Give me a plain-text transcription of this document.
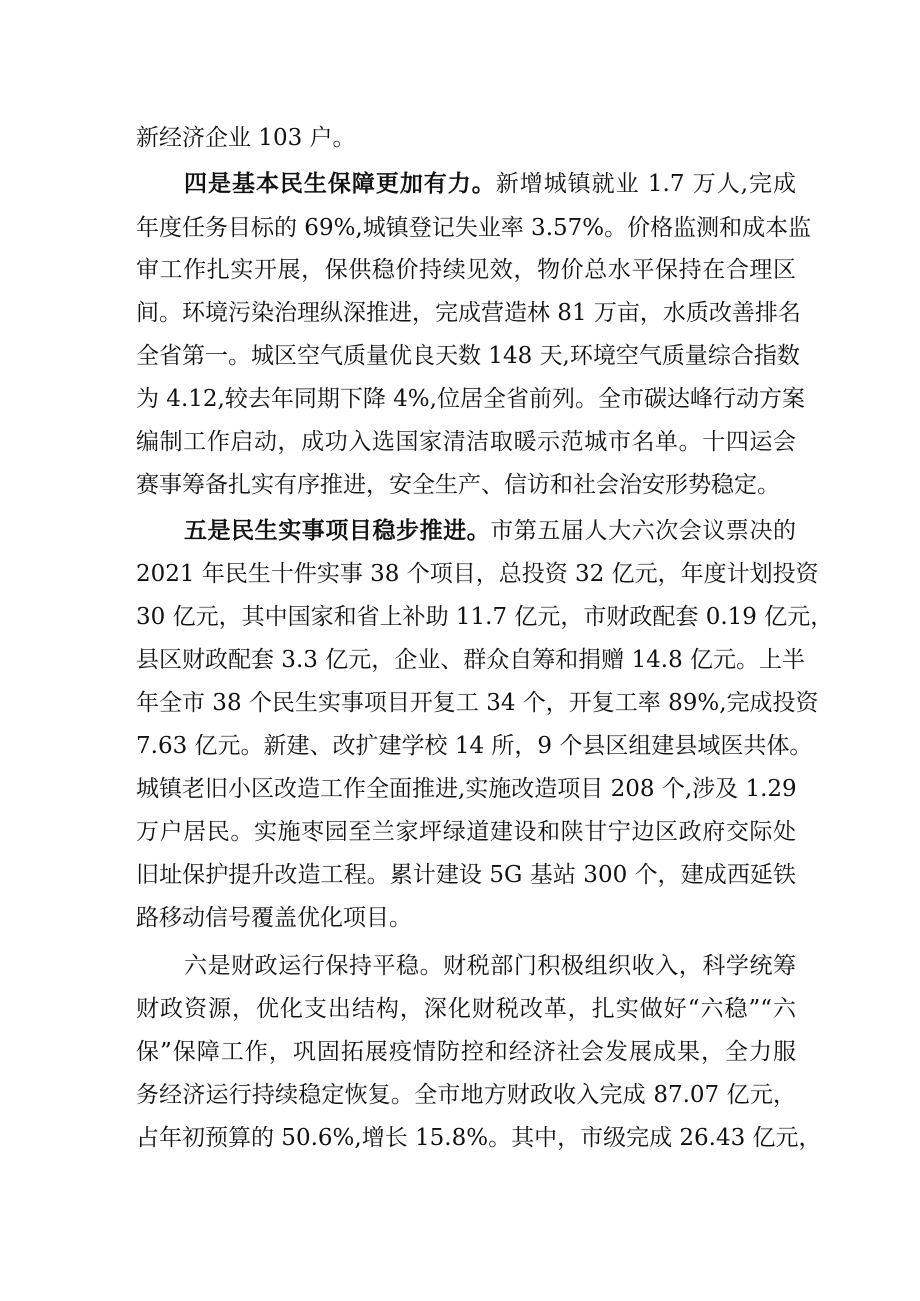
新经济企业 103 户。
四是基本民生保障更加有力。新增城镇就业 1.7 万人,完成
年度任务目标的 69%,城镇登记失业率 3.57%。价格监测和成本监
审工作扎实开展，保供稳价持续见效，物价总水平保持在合理区
间。环境污染治理纵深推进，完成营造林 81 万亩，水质改善排名
全省第一。城区空气质量优良天数 148 天,环境空气质量综合指数
为 4.12,较去年同期下降 4%,位居全省前列。全市碳达峰行动方案
编制工作启动，成功入选国家清洁取暖示范城市名单。十四运会
赛事筹备扎实有序推进，安全生产、信访和社会治安形势稳定。
五是民生实事项目稳步推进。市第五届人大六次会议票决的
2021 年民生十件实事 38 个项目，总投资 32 亿元，年度计划投资
30 亿元，其中国家和省上补助 11.7 亿元，市财政配套 0.19 亿元，
县区财政配套 3.3 亿元，企业、群众自筹和捐赠 14.8 亿元。上半
年全市 38 个民生实事项目开复工 34 个，开复工率 89%,完成投资
7.63 亿元。新建、改扩建学校 14 所，9 个县区组建县域医共体。
城镇老旧小区改造工作全面推进,实施改造项目 208 个,涉及 1.29
万户居民。实施枣园至兰家坪绿道建设和陕甘宁边区政府交际处
旧址保护提升改造工程。累计建设 5G 基站 300 个，建成西延铁
路移动信号覆盖优化项目。
六是财政运行保持平稳。财税部门积极组织收入，科学统筹
财政资源，优化支出结构，深化财税改革，扎实做好“六稳”“六
保”保障工作，巩固拓展疫情防控和经济社会发展成果，全力服
务经济运行持续稳定恢复。全市地方财政收入完成 87.07 亿元，
占年初预算的 50.6%,增长 15.8%。其中，市级完成 26.43 亿元，
